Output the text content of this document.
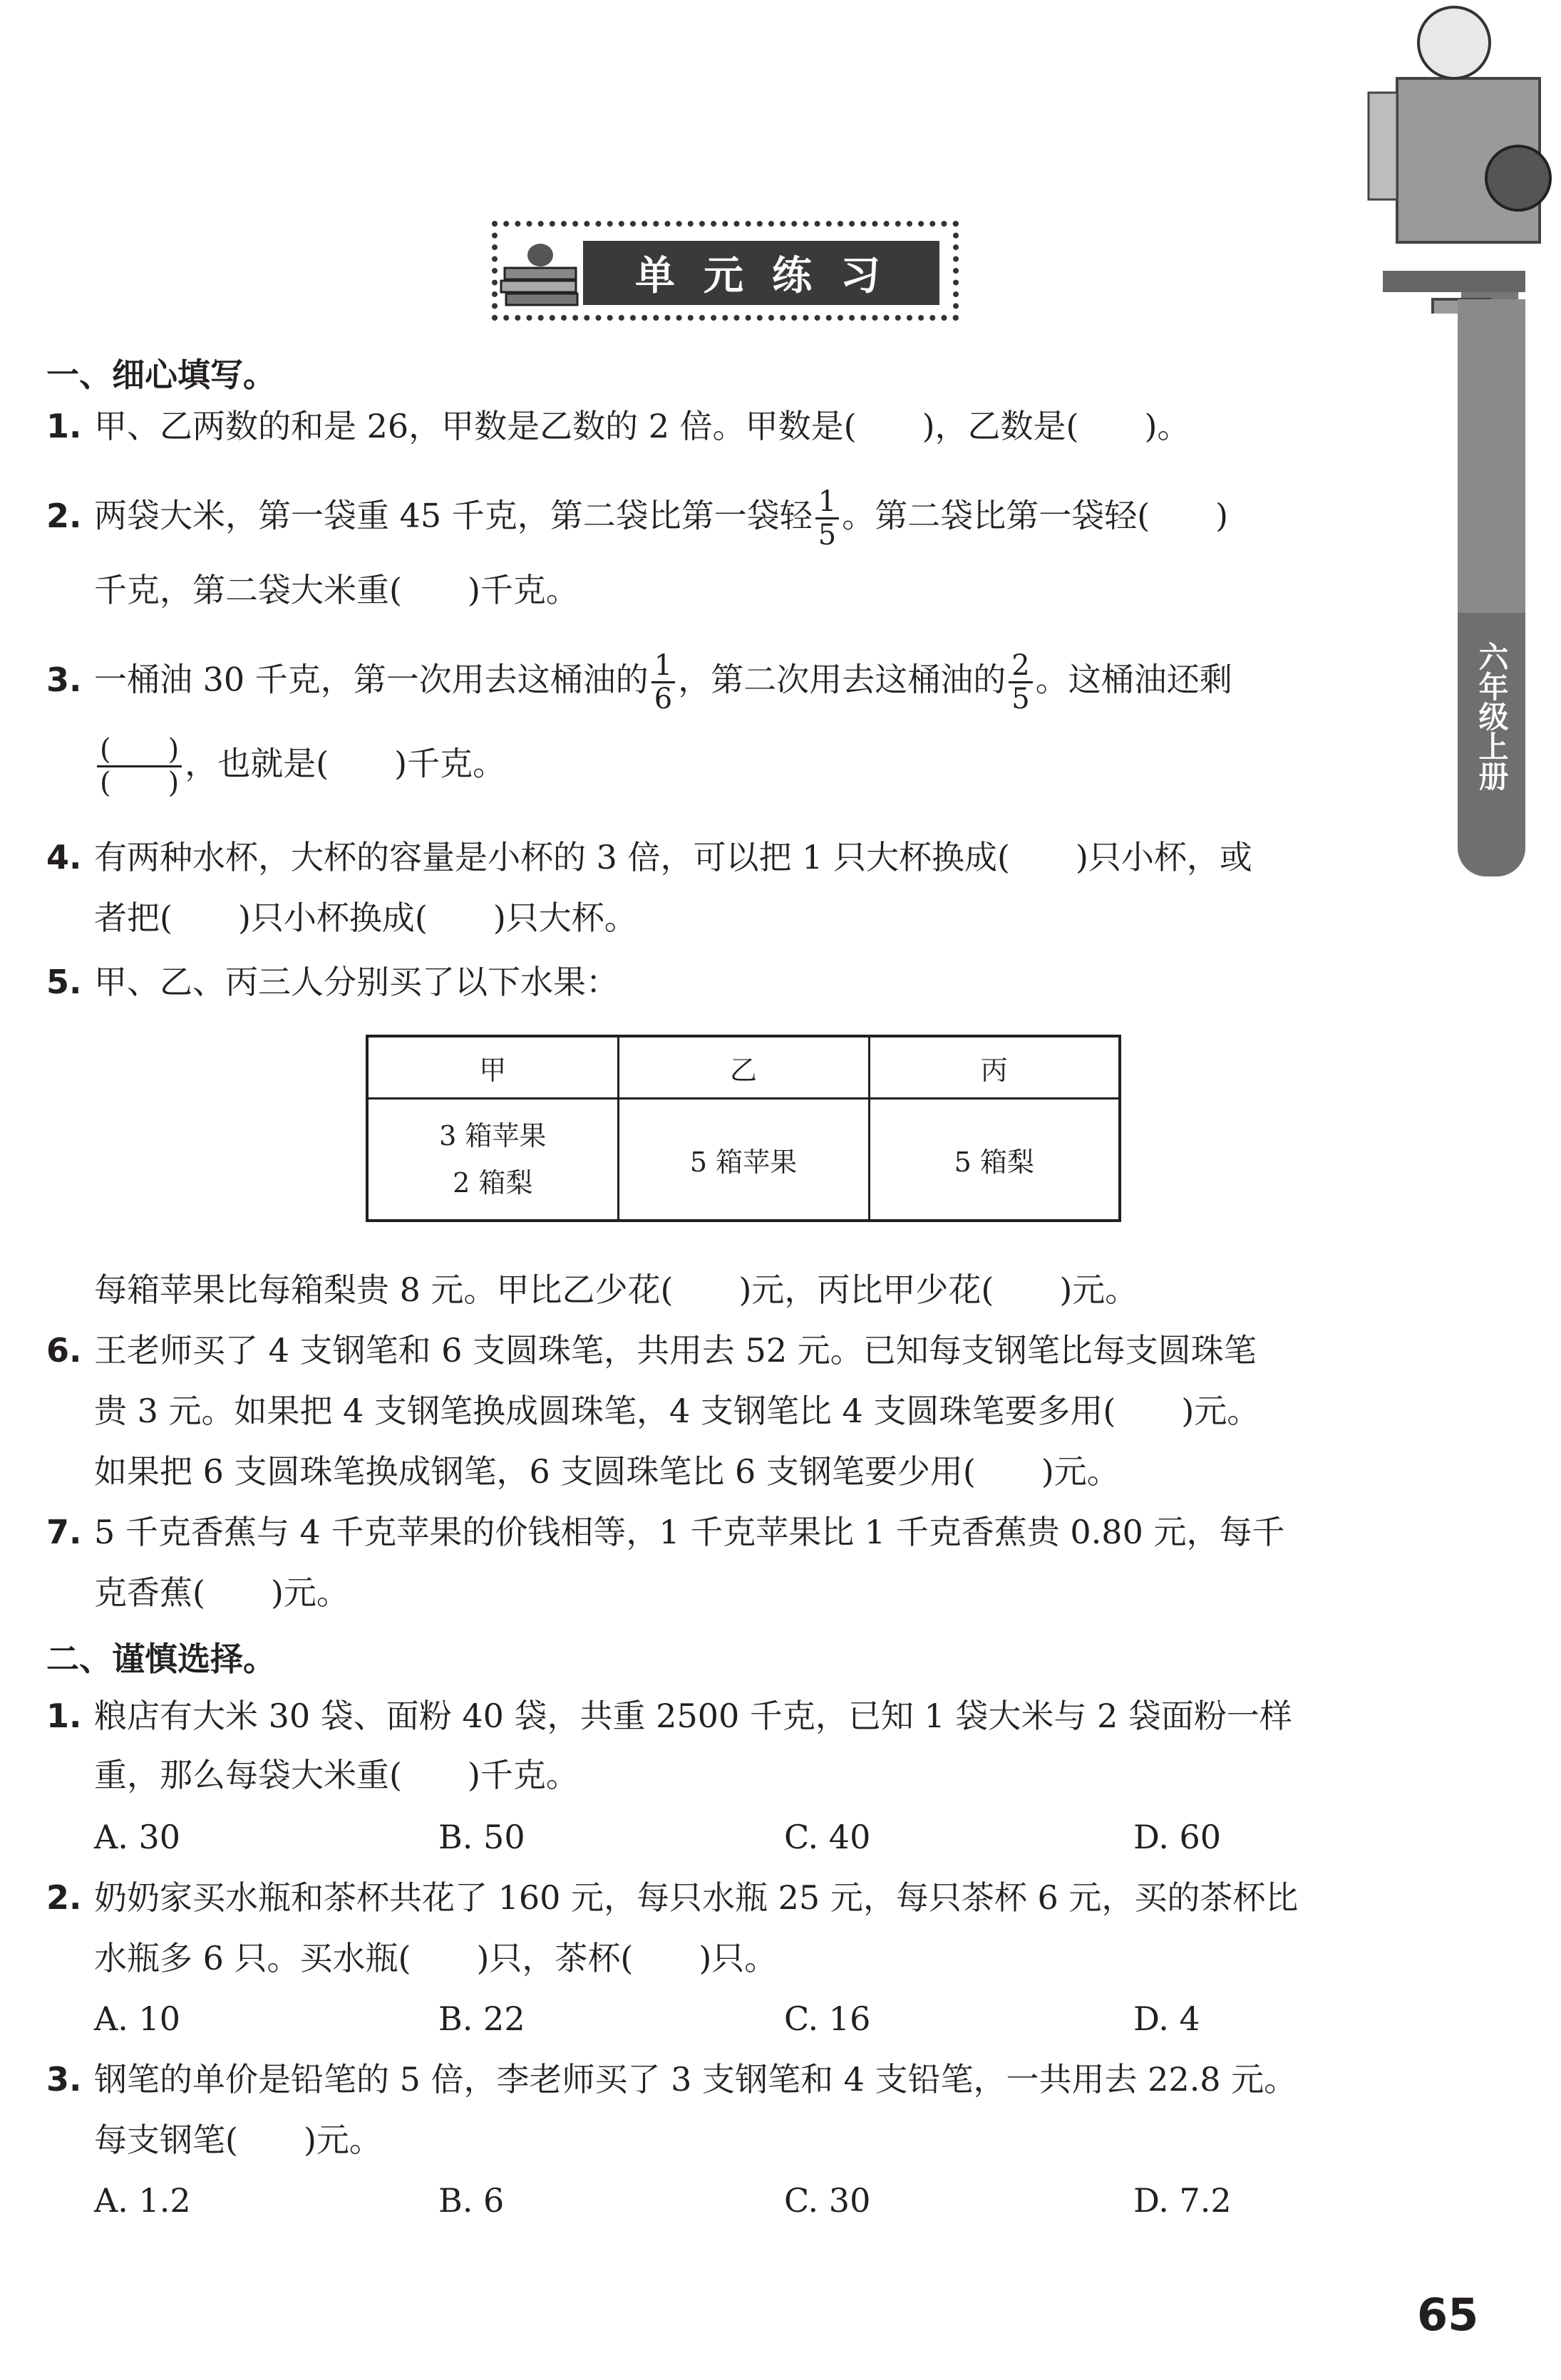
六年级上册
单元练习
一、细心填写。
1. 甲、乙两数的和是 26，甲数是乙数的 2 倍。甲数是(　　)，乙数是(　　)。
2. 两袋大米，第一袋重 45 千克，第二袋比第一袋轻 $\frac{1}{5}$ 。第二袋比第一袋轻(　　)
千克，第二袋大米重(　　)千克。
3. 一桶油 30 千克，第一次用去这桶油的 $\frac{1}{6}$ ，第二次用去这桶油的 $\frac{2}{5}$ 。这桶油还剩
$\frac{( )}{( )}$ ，也就是(　　)千克。
4. 有两种水杯，大杯的容量是小杯的 3 倍，可以把 1 只大杯换成(　　)只小杯，或
者把(　　)只小杯换成(　　)只大杯。
5. 甲、乙、丙三人分别买了以下水果：
甲	乙	丙
3 箱苹果
2 箱梨	5 箱苹果	5 箱梨
每箱苹果比每箱梨贵 8 元。甲比乙少花(　　)元，丙比甲少花(　　)元。
6. 王老师买了 4 支钢笔和 6 支圆珠笔，共用去 52 元。已知每支钢笔比每支圆珠笔
贵 3 元。如果把 4 支钢笔换成圆珠笔，4 支钢笔比 4 支圆珠笔要多用(　　)元。
如果把 6 支圆珠笔换成钢笔，6 支圆珠笔比 6 支钢笔要少用(　　)元。
7. 5 千克香蕉与 4 千克苹果的价钱相等，1 千克苹果比 1 千克香蕉贵 0.80 元，每千
克香蕉(　　)元。
二、谨慎选择。
1. 粮店有大米 30 袋、面粉 40 袋，共重 2500 千克，已知 1 袋大米与 2 袋面粉一样
重，那么每袋大米重(　　)千克。
A. 30	B. 50	C. 40	D. 60
2. 奶奶家买水瓶和茶杯共花了 160 元，每只水瓶 25 元，每只茶杯 6 元，买的茶杯比
水瓶多 6 只。买水瓶(　　)只，茶杯(　　)只。
A. 10	B. 22	C. 16	D. 4
3. 钢笔的单价是铅笔的 5 倍，李老师买了 3 支钢笔和 4 支铅笔，一共用去 22.8 元。
每支钢笔(　　)元。
A. 1.2	B. 6	C. 30	D. 7.2
65
